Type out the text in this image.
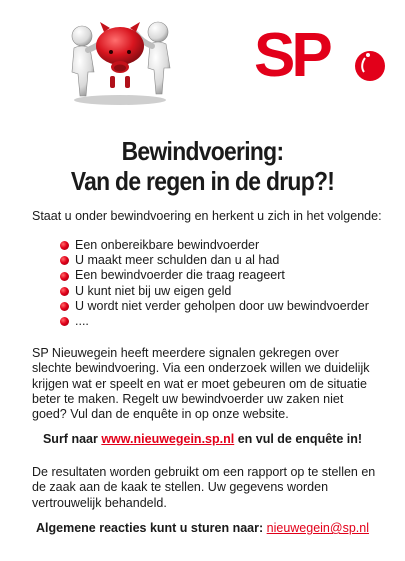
SP
Bewindvoering:
Van de regen in de drup?!
Staat u onder bewindvoering en herkent u zich in het volgende:
Een onbereikbare bewindvoerder
U maakt meer schulden dan u al had
Een bewindvoerder die traag reageert
U kunt niet bij uw eigen geld
U wordt niet verder geholpen door uw bewindvoerder
....
SP Nieuwegein heeft meerdere signalen gekregen over slechte bewindvoering. Via een onderzoek willen we duidelijk krijgen wat er speelt en wat er moet gebeuren om de situatie beter te maken. Regelt uw bewindvoerder uw zaken niet goed? Vul dan de enquête in op onze website.
Surf naar www.nieuwegein.sp.nl en vul de enquête in!
De resultaten worden gebruikt om een rapport op te stellen en de zaak aan de kaak te stellen. Uw gegevens worden vertrouwelijk behandeld.
Algemene reacties kunt u sturen naar: nieuwegein@sp.nl
